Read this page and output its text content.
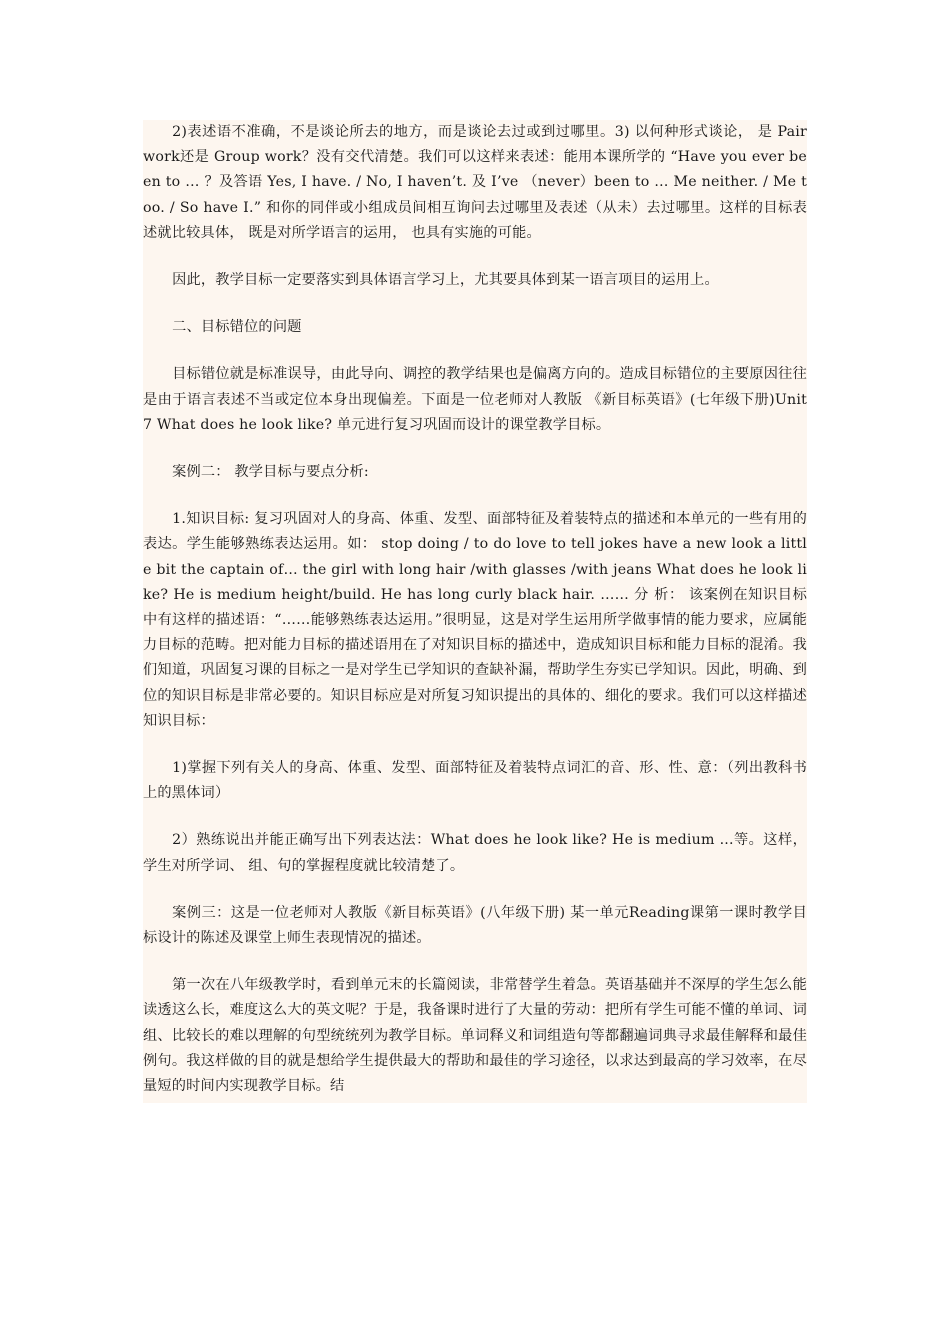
2)表述语不准确，不是谈论所去的地方，而是谈论去过或到过哪里。3) 以何种形式谈论， 是 Pair work还是 Group work？没有交代清楚。我们可以这样来表述：能用本课所学的 “Have you ever been to … ？及答语 Yes, I have. / No, I haven’t. 及 I’ve （never）been to … Me neither. / Me too. / So have I.” 和你的同伴或小组成员间相互询问去过哪里及表述（从未）去过哪里。这样的目标表述就比较具体， 既是对所学语言的运用， 也具有实施的可能。

因此，教学目标一定要落实到具体语言学习上，尤其要具体到某一语言项目的运用上。

二、目标错位的问题

目标错位就是标准误导，由此导向、调控的教学结果也是偏离方向的。造成目标错位的主要原因往往是由于语言表述不当或定位本身出现偏差。下面是一位老师对人教版 《新目标英语》(七年级下册)Unit 7 What does he look like? 单元进行复习巩固而设计的课堂教学目标。

案例二： 教学目标与要点分析:

1.知识目标: 复习巩固对人的身高、体重、发型、面部特征及着装特点的描述和本单元的一些有用的表达。学生能够熟练表达运用。如： stop doing / to do love to tell jokes have a new look a little bit the captain of… the girl with long hair /with glasses /with jeans What does he look like? He is medium height/build. He has long curly black hair. …… 分 析： 该案例在知识目标中有这样的描述语：“……能够熟练表达运用。”很明显，这是对学生运用所学做事情的能力要求，应属能力目标的范畴。把对能力目标的描述语用在了对知识目标的描述中，造成知识目标和能力目标的混淆。我们知道，巩固复习课的目标之一是对学生已学知识的查缺补漏，帮助学生夯实已学知识。因此，明确、到位的知识目标是非常必要的。知识目标应是对所复习知识提出的具体的、细化的要求。我们可以这样描述知识目标：

1)掌握下列有关人的身高、体重、发型、面部特征及着装特点词汇的音、形、性、意：（列出教科书上的黑体词）

2）熟练说出并能正确写出下列表达法：What does he look like? He is medium ...等。这样，学生对所学词、 组、句的掌握程度就比较清楚了。

案例三：这是一位老师对人教版《新目标英语》(八年级下册) 某一单元Reading课第一课时教学目标设计的陈述及课堂上师生表现情况的描述。

第一次在八年级教学时，看到单元末的长篇阅读，非常替学生着急。英语基础并不深厚的学生怎么能读透这么长，难度这么大的英文呢？于是，我备课时进行了大量的劳动：把所有学生可能不懂的单词、词组、比较长的难以理解的句型统统列为教学目标。单词释义和词组造句等都翻遍词典寻求最佳解释和最佳例句。我这样做的目的就是想给学生提供最大的帮助和最佳的学习途径，以求达到最高的学习效率，在尽量短的时间内实现教学目标。结
